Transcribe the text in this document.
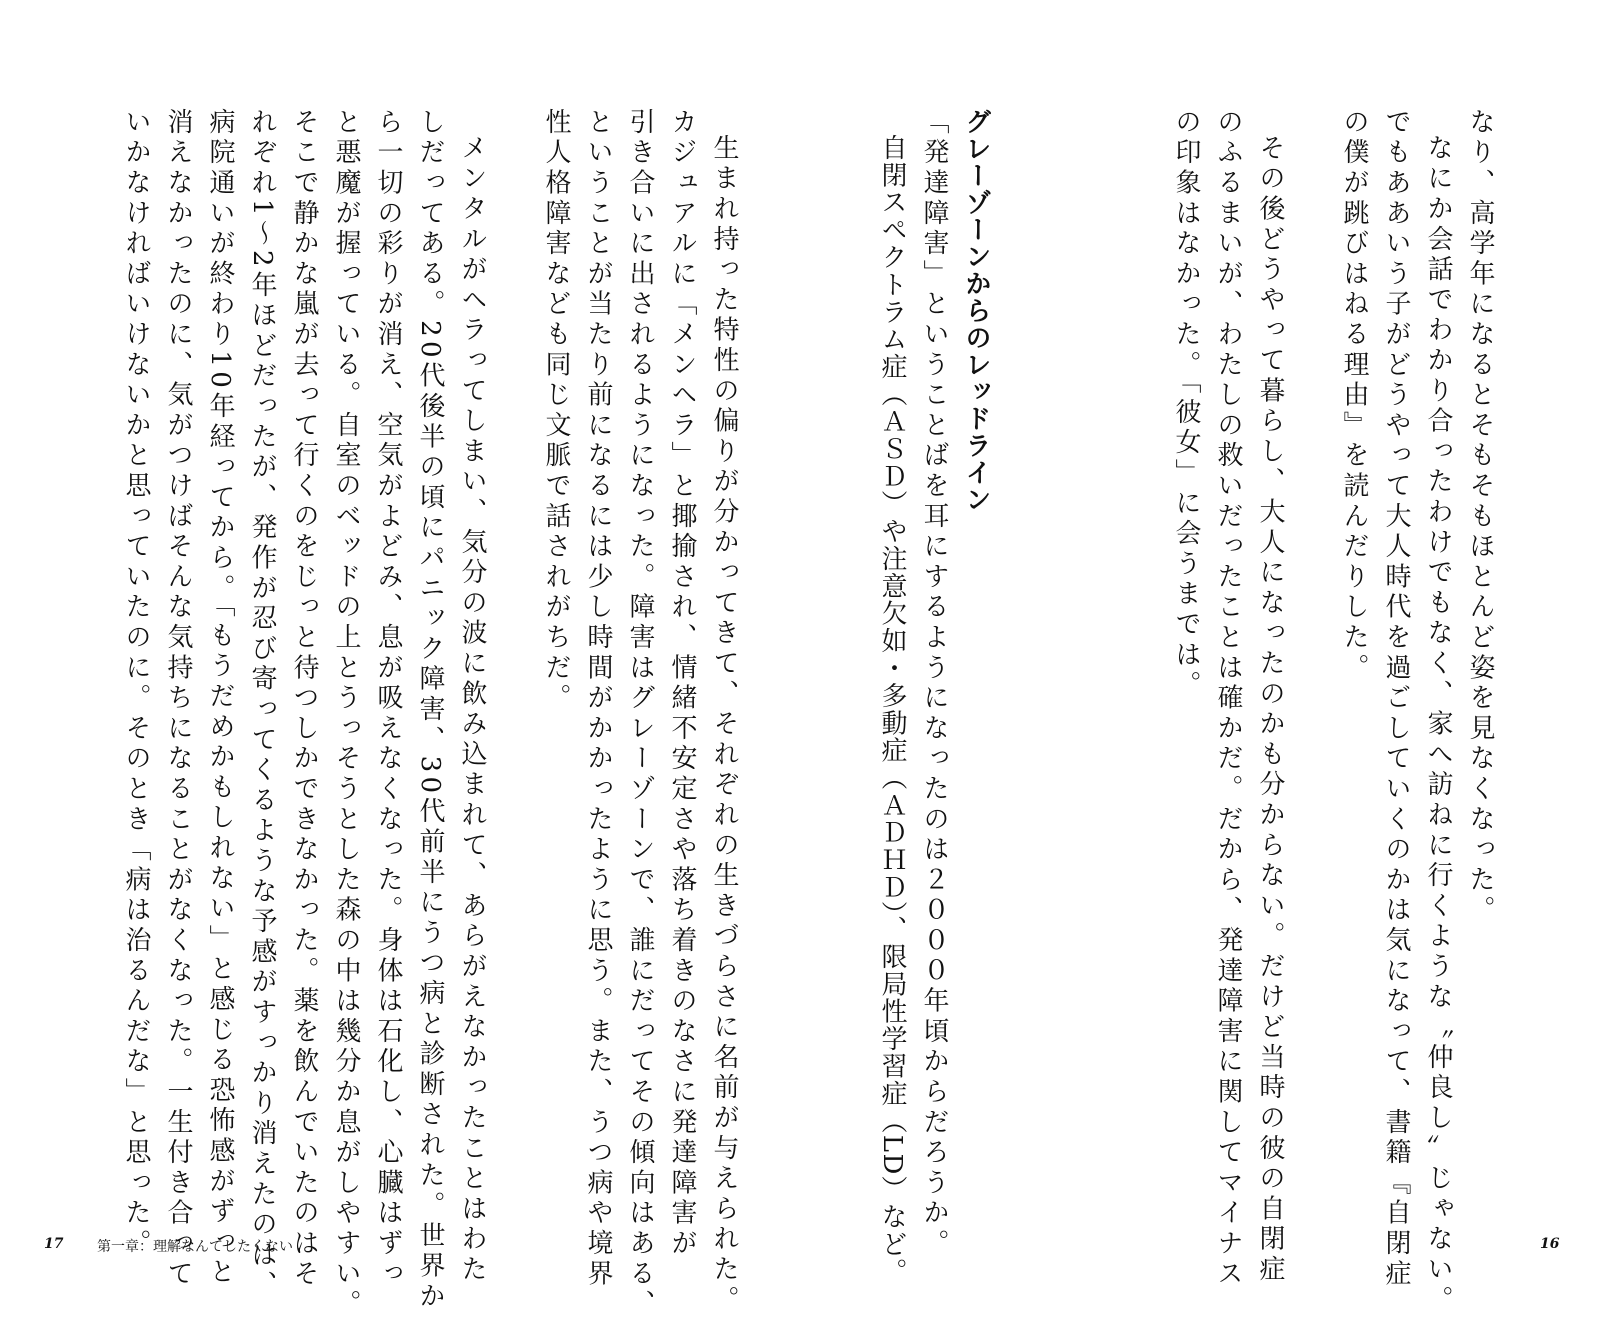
なり、高学年になるとそもそもほとんど姿を見なくなった。
なにか会話でわかり合ったわけでもなく、家へ訪ねに行くような〝仲良し〟じゃない。
でもああいう子がどうやって大人時代を過ごしていくのかは気になって、書籍『自閉症
の僕が跳びはねる理由』を読んだりした。
その後どうやって暮らし、大人になったのかも分からない。だけど当時の彼の自閉症
のふるまいが、わたしの救いだったことは確かだ。だから、発達障害に関してマイナス
の印象はなかった。「彼女」に会うまでは。
グレーゾーンからのレッドライン
「発達障害」ということばを耳にするようになったのは２０００年頃からだろうか。
自閉スペクトラム症（ＡＳＤ）や注意欠如・多動症（ＡＤＨＤ）、限局性学習症（LD）など。
生まれ持った特性の偏りが分かってきて、それぞれの生きづらさに名前が与えられた。
カジュアルに「メンヘラ」と揶揄され、情緒不安定さや落ち着きのなさに発達障害が
引き合いに出されるようになった。障害はグレーゾーンで、誰にだってその傾向はある、
ということが当たり前になるには少し時間がかかったように思う。また、うつ病や境界
性人格障害なども同じ文脈で話されがちだ。
メンタルがヘラってしまい、気分の波に飲み込まれて、あらがえなかったことはわた
しだってある。20代後半の頃にパニック障害、30代前半にうつ病と診断された。世界か
ら一切の彩りが消え、空気がよどみ、息が吸えなくなった。身体は石化し、心臓はずっ
と悪魔が握っている。自室のベッドの上とうっそうとした森の中は幾分か息がしやすい。
そこで静かな嵐が去って行くのをじっと待つしかできなかった。薬を飲んでいたのはそ
れぞれ1〜2年ほどだったが、発作が忍び寄ってくるような予感がすっかり消えたのは、
病院通いが終わり10年経ってから。「もうだめかもしれない」と感じる恐怖感がずっと
消えなかったのに、気がつけばそんな気持ちになることがなくなった。一生付き合って
いかなければいけないかと思っていたのに。そのとき「病は治るんだな」と思った。
17 第一章：理解なんてしたくない	16
